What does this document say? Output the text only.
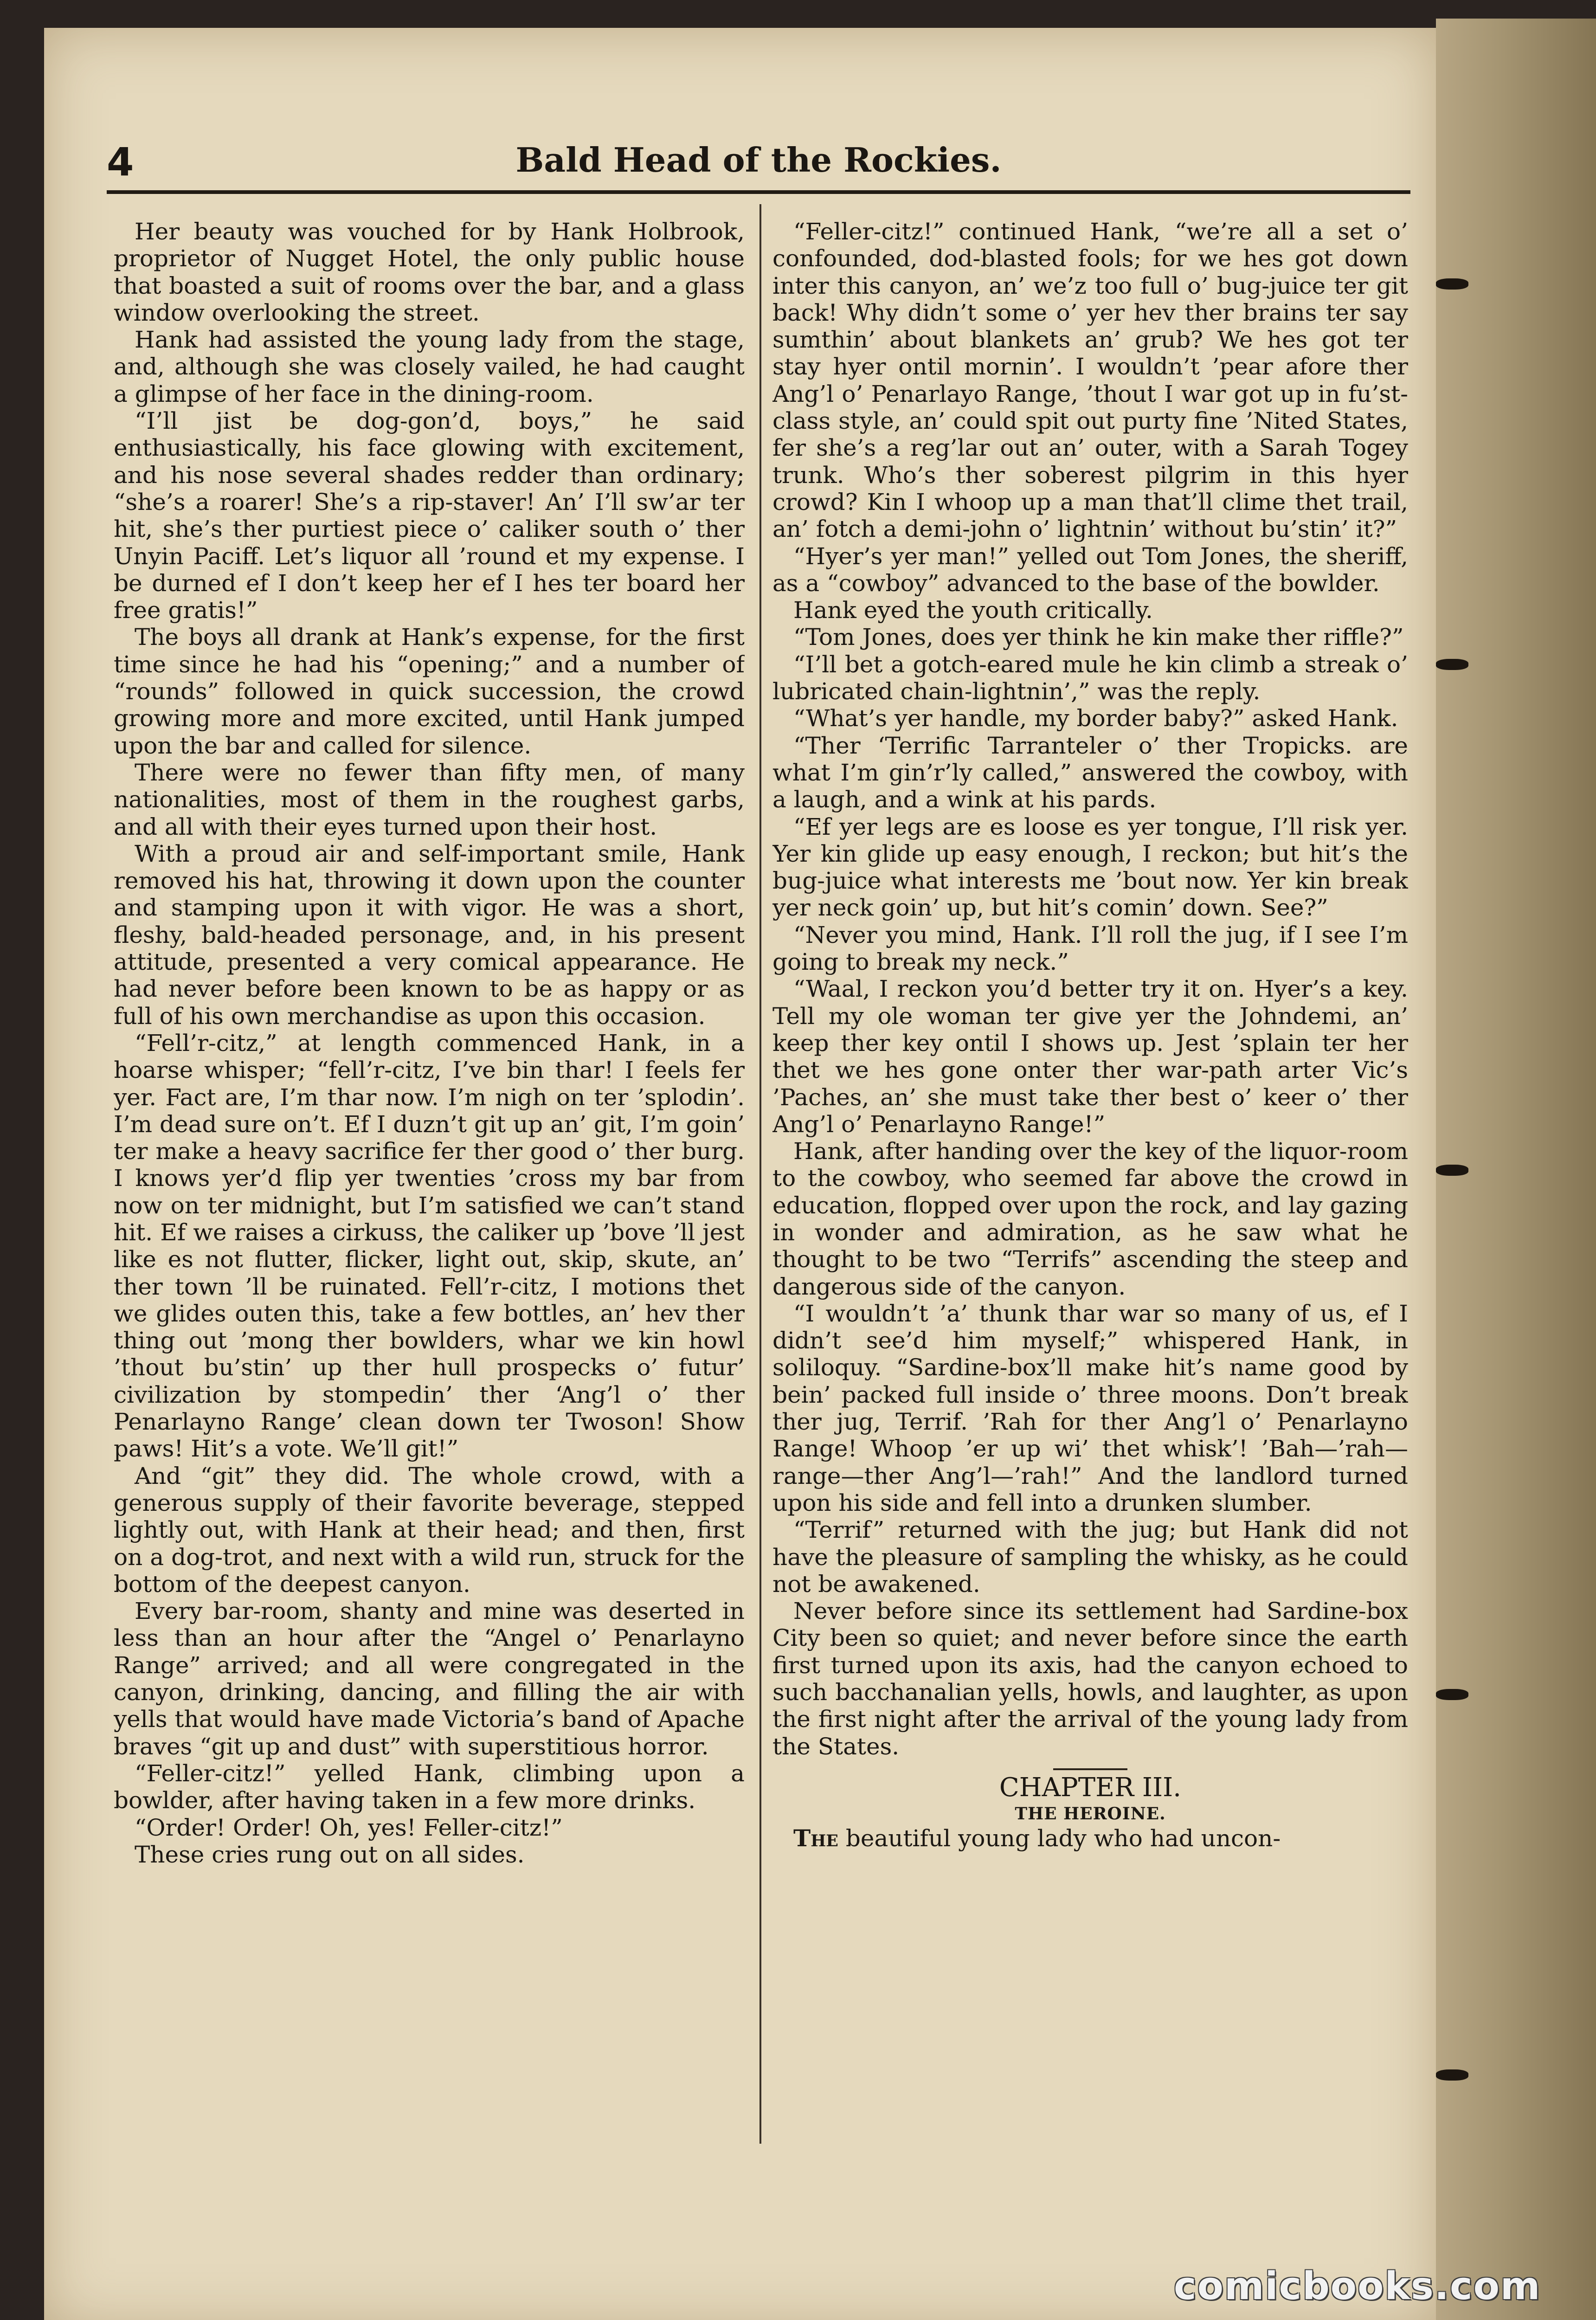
4	Bald Head of the Rockies.

Her beauty was vouched for by Hank Holbrook, proprietor of Nugget Hotel, the only public house that boasted a suit of rooms over the bar, and a glass window overlooking the street.

Hank had assisted the young lady from the stage, and, although she was closely vailed, he had caught a glimpse of her face in the dining-room.

“I’ll jist be dog-gon’d, boys,” he said enthusiastically, his face glowing with excitement, and his nose several shades redder than ordinary; “she’s a roarer! She’s a rip-staver! An’ I’ll sw’ar ter hit, she’s ther purtiest piece o’ caliker south o’ ther Unyin Paciff. Let’s liquor all ’round et my expense. I be durned ef I don’t keep her ef I hes ter board her free gratis!”

The boys all drank at Hank’s expense, for the first time since he had his “opening;” and a number of “rounds” followed in quick succession, the crowd growing more and more excited, until Hank jumped upon the bar and called for silence.

There were no fewer than fifty men, of many nationalities, most of them in the roughest garbs, and all with their eyes turned upon their host.

With a proud air and self-important smile, Hank removed his hat, throwing it down upon the counter and stamping upon it with vigor. He was a short, fleshy, bald-headed personage, and, in his present attitude, presented a very comical appearance. He had never before been known to be as happy or as full of his own merchandise as upon this occasion.

“Fell’r-citz,” at length commenced Hank, in a hoarse whisper; “fell’r-citz, I’ve bin thar! I feels fer yer. Fact are, I’m thar now. I’m nigh on ter ’splodin’. I’m dead sure on’t. Ef I duzn’t git up an’ git, I’m goin’ ter make a heavy sacrifice fer ther good o’ ther burg. I knows yer’d flip yer twenties ’cross my bar from now on ter midnight, but I’m satisfied we can’t stand hit. Ef we raises a cirkuss, the caliker up ’bove ’ll jest like es not flutter, flicker, light out, skip, skute, an’ ther town ’ll be ruinated. Fell’r-citz, I motions thet we glides outen this, take a few bottles, an’ hev ther thing out ’mong ther bowlders, whar we kin howl ’thout bu’stin’ up ther hull prospecks o’ futur’ civilization by stompedin’ ther ‘Ang’l o’ ther Penarlayno Range’ clean down ter Twoson! Show paws! Hit’s a vote. We’ll git!”

And “git” they did. The whole crowd, with a generous supply of their favorite beverage, stepped lightly out, with Hank at their head; and then, first on a dog-trot, and next with a wild run, struck for the bottom of the deepest canyon.

Every bar-room, shanty and mine was deserted in less than an hour after the “Angel o’ Penarlayno Range” arrived; and all were congregated in the canyon, drinking, dancing, and filling the air with yells that would have made Victoria’s band of Apache braves “git up and dust” with superstitious horror.

“Feller-citz!” yelled Hank, climbing upon a bowlder, after having taken in a few more drinks.

“Order! Order! Oh, yes! Feller-citz!”

These cries rung out on all sides.

“Feller-citz!” continued Hank, “we’re all a set o’ confounded, dod-blasted fools; for we hes got down inter this canyon, an’ we’z too full o’ bug-juice ter git back! Why didn’t some o’ yer hev ther brains ter say sumthin’ about blankets an’ grub? We hes got ter stay hyer ontil mornin’. I wouldn’t ’pear afore ther Ang’l o’ Penarlayo Range, ’thout I war got up in fu’st-class style, an’ could spit out purty fine ’Nited States, fer she’s a reg’lar out an’ outer, with a Sarah Togey trunk. Who’s ther soberest pilgrim in this hyer crowd? Kin I whoop up a man that’ll clime thet trail, an’ fotch a demi-john o’ lightnin’ without bu’stin’ it?”

“Hyer’s yer man!” yelled out Tom Jones, the sheriff, as a “cowboy” advanced to the base of the bowlder.

Hank eyed the youth critically.

“Tom Jones, does yer think he kin make ther riffle?”

“I’ll bet a gotch-eared mule he kin climb a streak o’ lubricated chain-lightnin’,” was the reply.

“What’s yer handle, my border baby?” asked Hank.

“Ther ‘Terrific Tarranteler o’ ther Tropicks. are what I’m gin’r’ly called,” answered the cowboy, with a laugh, and a wink at his pards.

“Ef yer legs are es loose es yer tongue, I’ll risk yer. Yer kin glide up easy enough, I reckon; but hit’s the bug-juice what interests me ’bout now. Yer kin break yer neck goin’ up, but hit’s comin’ down. See?”

“Never you mind, Hank. I’ll roll the jug, if I see I’m going to break my neck.”

“Waal, I reckon you’d better try it on. Hyer’s a key. Tell my ole woman ter give yer the Johndemi, an’ keep ther key ontil I shows up. Jest ’splain ter her thet we hes gone onter ther war-path arter Vic’s ’Paches, an’ she must take ther best o’ keer o’ ther Ang’l o’ Penarlayno Range!”

Hank, after handing over the key of the liquor-room to the cowboy, who seemed far above the crowd in education, flopped over upon the rock, and lay gazing in wonder and admiration, as he saw what he thought to be two “Terrifs” ascending the steep and dangerous side of the canyon.

“I wouldn’t ’a’ thunk thar war so many of us, ef I didn’t see’d him myself;” whispered Hank, in soliloquy. “Sardine-box’ll make hit’s name good by bein’ packed full inside o’ three moons. Don’t break ther jug, Terrif. ’Rah for ther Ang’l o’ Penarlayno Range! Whoop ’er up wi’ thet whisk’! ’Bah—’rah—range—ther Ang’l—’rah!” And the landlord turned upon his side and fell into a drunken slumber.

“Terrif” returned with the jug; but Hank did not have the pleasure of sampling the whisky, as he could not be awakened.

Never before since its settlement had Sardine-box City been so quiet; and never before since the earth first turned upon its axis, had the canyon echoed to such bacchanalian yells, howls, and laughter, as upon the first night after the arrival of the young lady from the States.

CHAPTER III.
THE HEROINE.

The beautiful young lady who had uncon-

comicbooks.com
